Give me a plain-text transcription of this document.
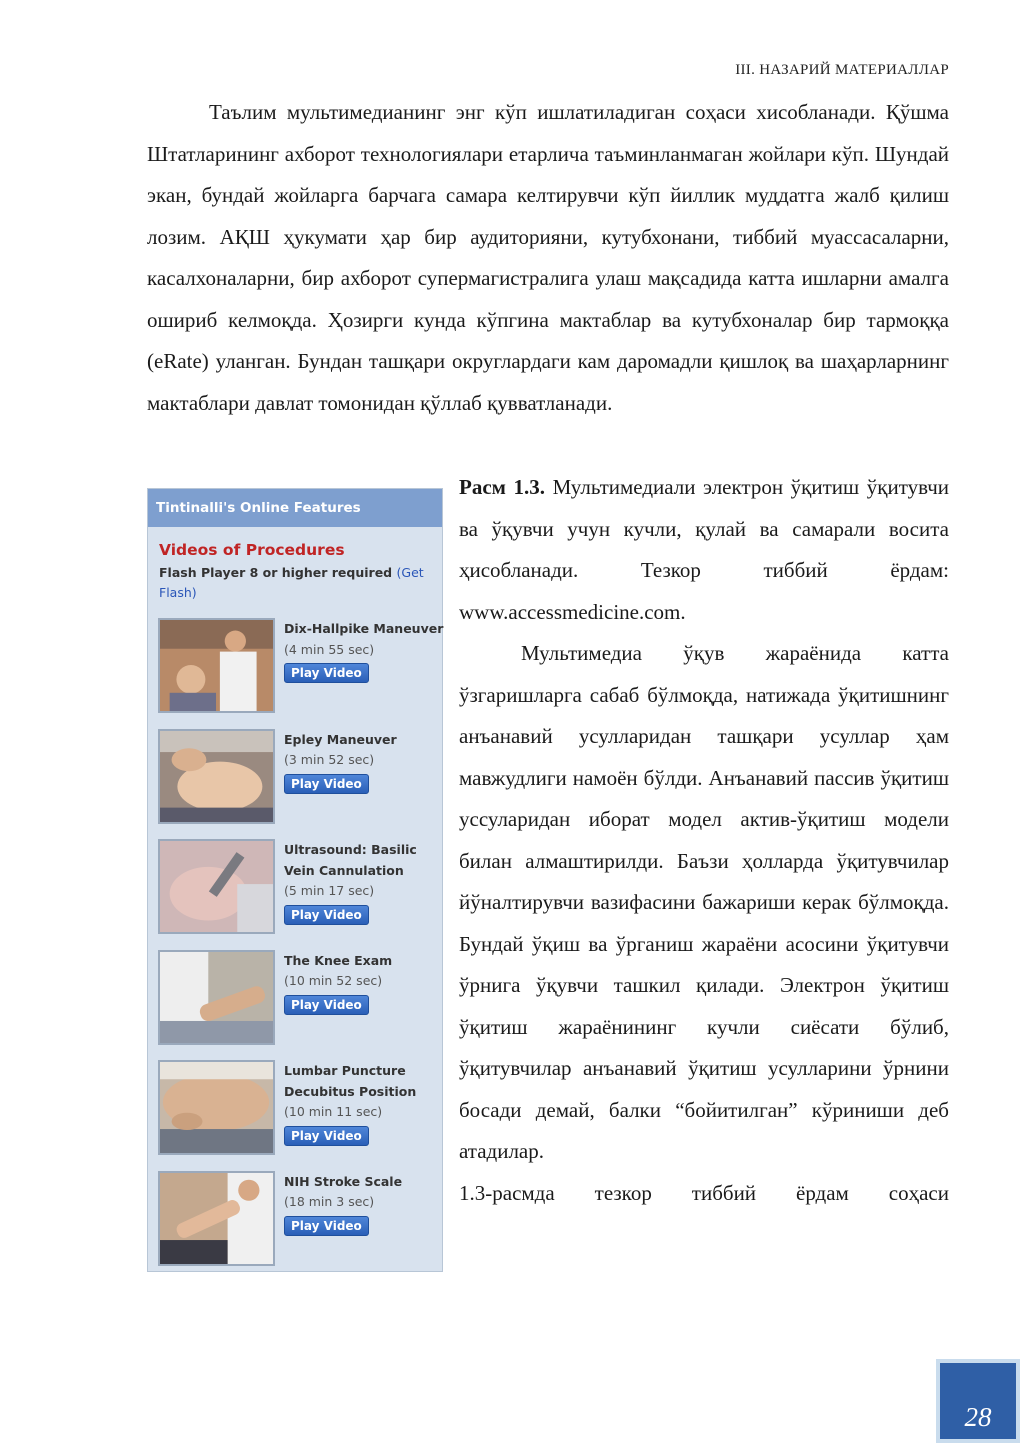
III. НАЗАРИЙ МАТЕРИАЛЛАР

Таълим мультимедианинг энг кўп ишлатиладиган соҳаси хисобланади. Қўшма Штатларининг ахборот технологиялари етарлича таъминланмаган жойлари кўп. Шундай экан, бундай жойларга барчага самара келтирувчи кўп йиллик муддатга жалб қилиш лозим. АҚШ ҳукумати ҳар бир аудиторияни, кутубхонани, тиббий муассасаларни, касалхоналарни, бир ахборот супермагистралига улаш мақсадида катта ишларни амалга ошириб келмоқда. Ҳозирги кунда кўпгина мактаблар ва кутубхоналар бир тармоққа (eRate) уланган. Бундан ташқари округлардаги кам даромадли қишлоқ ва шаҳарларнинг мактаблари давлат томонидан қўллаб қувватланади.

Tintinalli's Online Features
Videos of Procedures
Flash Player 8 or higher required (Get Flash)
Dix-Hallpike Maneuver
(4 min 55 sec)
Play Video
Epley Maneuver
(3 min 52 sec)
Play Video
Ultrasound: Basilic Vein Cannulation
(5 min 17 sec)
Play Video
The Knee Exam
(10 min 52 sec)
Play Video
Lumbar Puncture Decubitus Position
(10 min 11 sec)
Play Video
NIH Stroke Scale
(18 min 3 sec)
Play Video

Расм 1.3. Мультимедиали электрон ўқитиш ўқитувчи ва ўқувчи учун кучли, қулай ва самарали восита ҳисобланади. Тезкор тиббий ёрдам: www.accessmedicine.com.

Мультимедиа ўқув жараёнида катта ўзгаришларга сабаб бўлмоқда, натижада ўқитишнинг анъанавий усулларидан ташқари усуллар ҳам мавжудлиги намоён бўлди. Анъанавий пассив ўқитиш уссуларидан иборат модел актив-ўқитиш модели билан алмаштирилди. Баъзи ҳолларда ўқитувчилар йўналтирувчи вазифасини бажариши керак бўлмоқда. Бундай ўқиш ва ўрганиш жараёни асосини ўқитувчи ўрнига ўқувчи ташкил қилади. Электрон ўқитиш ўқитиш жараёнининг кучли сиёсати бўлиб, ўқитувчилар анъанавий ўқитиш усулларини ўрнини босади демай, балки “бойитилган” кўриниши деб атадилар.

1.3-расмда тезкор тиббий ёрдам соҳаси

28
